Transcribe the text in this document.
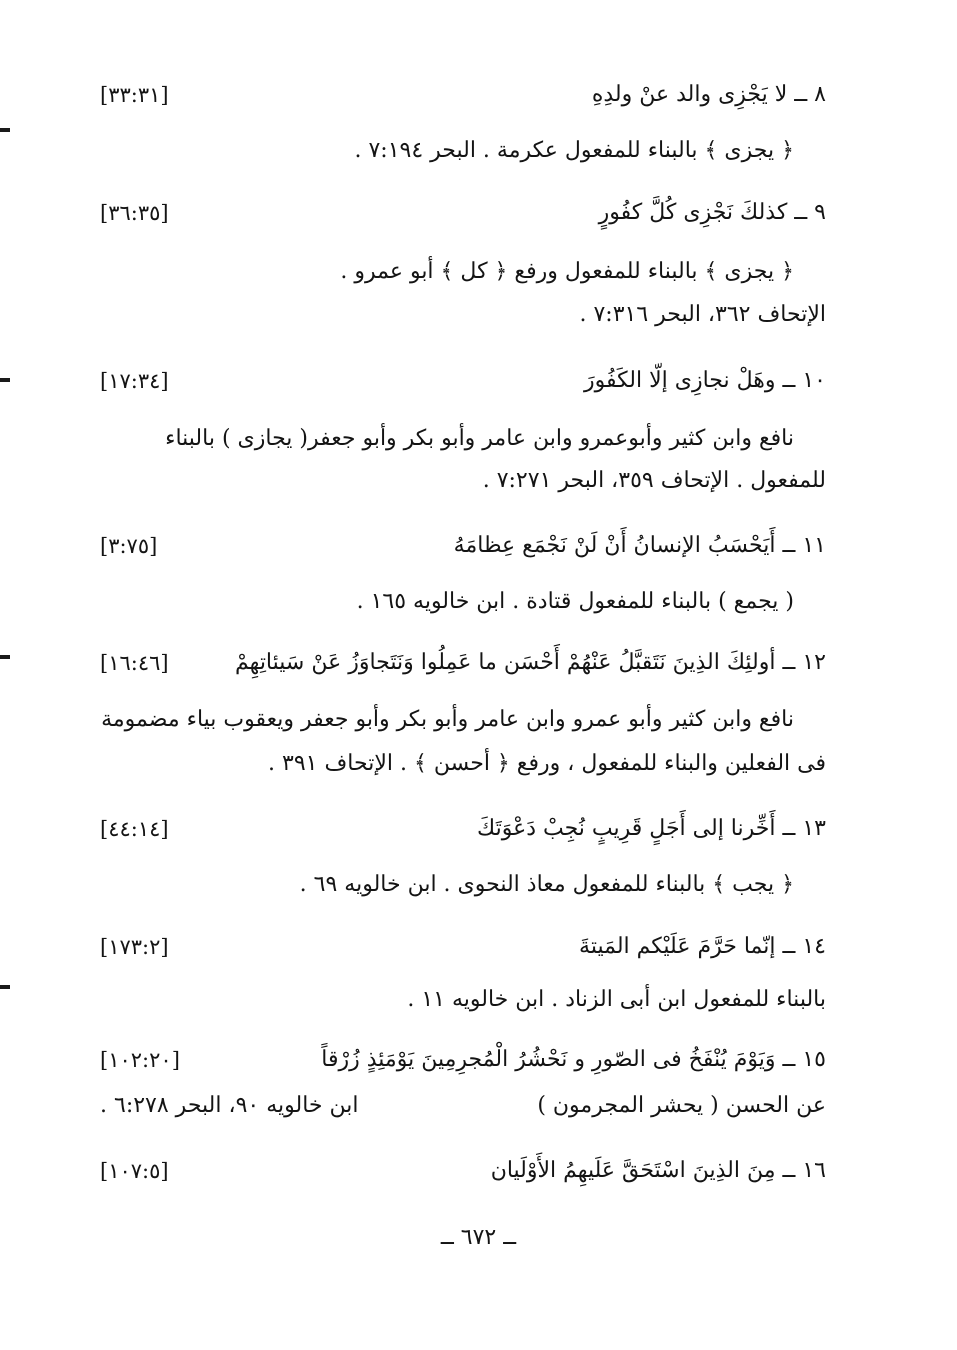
٨ ــ لا يَجْزِى والد عنْ ولدِهِ
[٣٣:٣١]
﴿ يجزى ﴾ بالبناء للمفعول عكرمة . البحر ٧:١٩٤ .
٩ ــ كذلكَ نَجْزِى كُلَّ كفُورٍ
[٣٦:٣٥]
﴿ يجزى ﴾ بالبناء للمفعول ورفع ﴿ كل ﴾ أبو عمرو .
الإتحاف ٣٦٢، البحر ٧:٣١٦ .
١٠ ــ وهَلْ نجازِى إلّا الكَفُورَ
[١٧:٣٤]
نافع وابن كثير وأبوعمرو وابن عامر وأبو بكر وأبو جعفر( يجازى ) بالبناء
للمفعول . الإتحاف ٣٥٩، البحر ٧:٢٧١ .
١١ ــ أَيَحْسَبُ الإنسانُ أَنْ لَنْ نَجْمَع عِظامَهُ
[٣:٧٥]
( يجمع ) بالبناء للمفعول قتادة . ابن خالويه ١٦٥ .
١٢ ــ أولئِكَ الذِينَ نَتَقبَّلُ عَنْهُمْ أَحْسَن ما عَمِلُوا وَنَتَجاوَزُ عَنْ سَيئاتِهِمْ
[١٦:٤٦]
نافع وابن كثير وأبو عمرو وابن عامر وأبو بكر وأبو جعفر ويعقوب بياء مضمومة
فى الفعلين والبناء للمفعول ، ورفع ﴿ أحسن ﴾ . الإتحاف ٣٩١ .
١٣ ــ أَخِّرنا إلى أَجَلٍ قَرِيبٍ نُجِبْ دَعْوَتَكَ
[٤٤:١٤]
﴿ يجب ﴾ بالبناء للمفعول معاذ النحوى . ابن خالويه ٦٩ .
١٤ ــ إنّما حَرَّمَ عَلَيْكم المَيتةَ
[١٧٣:٢]
بالبناء للمفعول ابن أبى الزناد . ابن خالويه ١١ .
١٥ ــ وَيَوْمَ يُنْفَخُ فى الصّورِ و نَحْشُرُ الْمُجرِمِينَ يَوْمَئِذٍ زُرْقاً
[١٠٢:٢٠]
عن الحسن ( يحشر المجرمون )
ابن خالويه ٩٠، البحر ٦:٢٧٨ .
١٦ ــ مِنَ الذِينَ اسْتَحَقَّ عَلَيهِمُ الأَوْلَيان
[١٠٧:٥]
ــ ٦٧٢ ــ
